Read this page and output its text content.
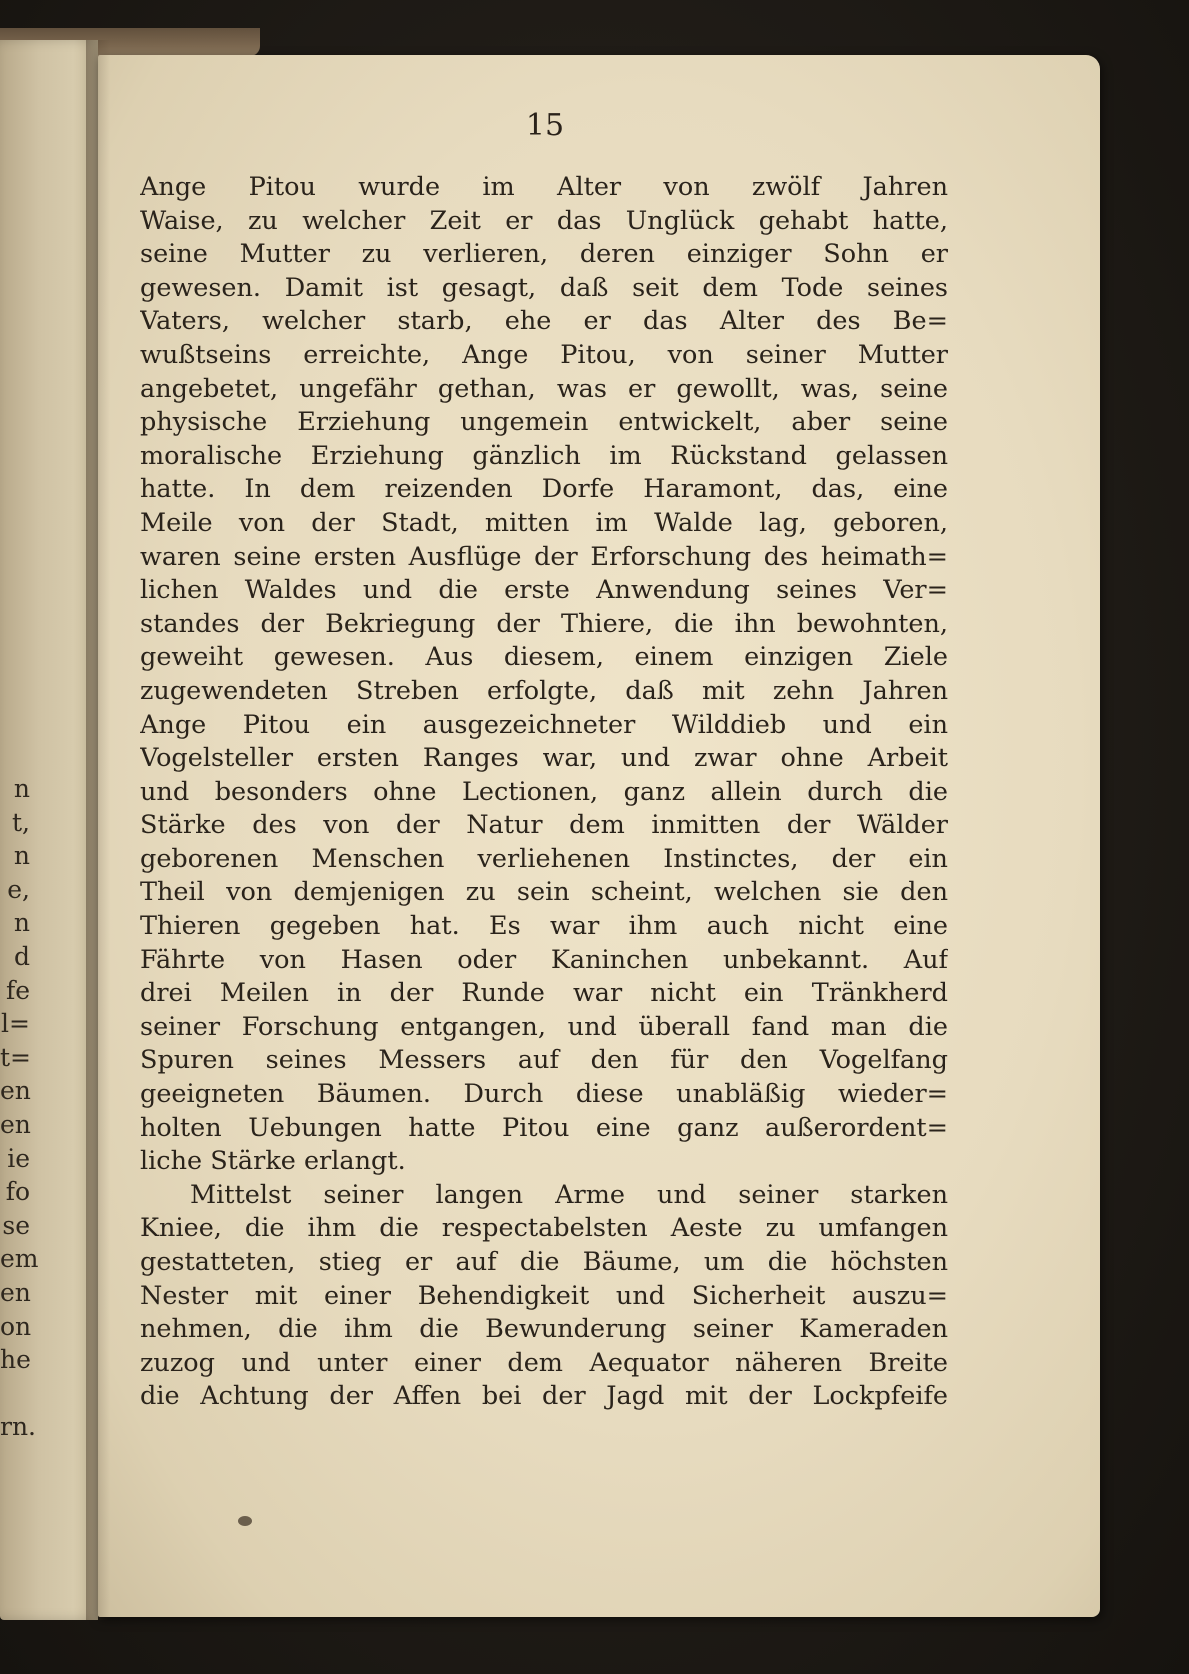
n
t,
n
e,
n
d
fe
l=
t=
en
en
ie
fo
se
em
en
on
he
rn.
15
Ange Pitou wurde im Alter von zwölf Jahren
Waise, zu welcher Zeit er das Unglück gehabt hatte,
seine Mutter zu verlieren, deren einziger Sohn er
gewesen. Damit ist gesagt, daß seit dem Tode seines
Vaters, welcher starb, ehe er das Alter des Be=
wußtseins erreichte, Ange Pitou, von seiner Mutter
angebetet, ungefähr gethan, was er gewollt, was, seine
physische Erziehung ungemein entwickelt, aber seine
moralische Erziehung gänzlich im Rückstand gelassen
hatte. In dem reizenden Dorfe Haramont, das, eine
Meile von der Stadt, mitten im Walde lag, geboren,
waren seine ersten Ausflüge der Erforschung des heimath=
lichen Waldes und die erste Anwendung seines Ver=
standes der Bekriegung der Thiere, die ihn bewohnten,
geweiht gewesen. Aus diesem, einem einzigen Ziele
zugewendeten Streben erfolgte, daß mit zehn Jahren
Ange Pitou ein ausgezeichneter Wilddieb und ein
Vogelsteller ersten Ranges war, und zwar ohne Arbeit
und besonders ohne Lectionen, ganz allein durch die
Stärke des von der Natur dem inmitten der Wälder
geborenen Menschen verliehenen Instinctes, der ein
Theil von demjenigen zu sein scheint, welchen sie den
Thieren gegeben hat. Es war ihm auch nicht eine
Fährte von Hasen oder Kaninchen unbekannt. Auf
drei Meilen in der Runde war nicht ein Tränkherd
seiner Forschung entgangen, und überall fand man die
Spuren seines Messers auf den für den Vogelfang
geeigneten Bäumen. Durch diese unabläßig wieder=
holten Uebungen hatte Pitou eine ganz außerordent=
liche Stärke erlangt.
Mittelst seiner langen Arme und seiner starken
Kniee, die ihm die respectabelsten Aeste zu umfangen
gestatteten, stieg er auf die Bäume, um die höchsten
Nester mit einer Behendigkeit und Sicherheit auszu=
nehmen, die ihm die Bewunderung seiner Kameraden
zuzog und unter einer dem Aequator näheren Breite
die Achtung der Affen bei der Jagd mit der Lockpfeife
